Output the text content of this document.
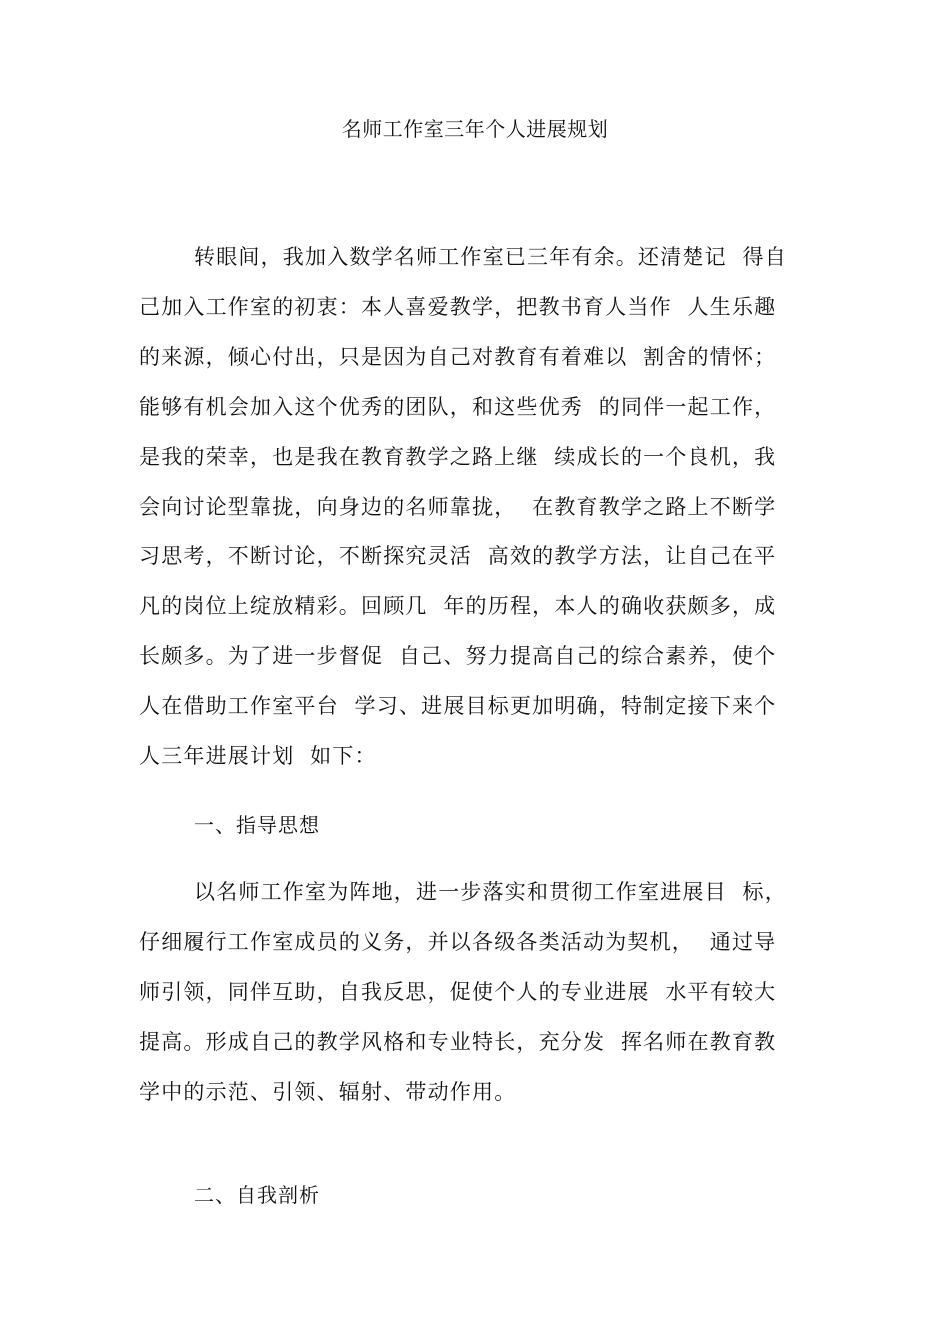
名师工作室三年个人进展规划
转眼间，我加入数学名师工作室已三年有余。还清楚记  得自
己加入工作室的初衷：本人喜爱教学，把教书育人当作  人生乐趣
的来源，倾心付出，只是因为自己对教育有着难以  割舍的情怀；
能够有机会加入这个优秀的团队，和这些优秀  的同伴一起工作，
是我的荣幸，也是我在教育教学之路上继  续成长的一个良机，我
会向讨论型靠拢，向身边的名师靠拢，  在教育教学之路上不断学
习思考，不断讨论，不断探究灵活  高效的教学方法，让自己在平
凡的岗位上绽放精彩。回顾几  年的历程，本人的确收获颇多，成
长颇多。为了进一步督促  自己、努力提高自己的综合素养，使个
人在借助工作室平台  学习、进展目标更加明确，特制定接下来个
人三年进展计划  如下：
一、指导思想
以名师工作室为阵地，进一步落实和贯彻工作室进展目  标，
仔细履行工作室成员的义务，并以各级各类活动为契机，  通过导
师引领，同伴互助，自我反思，促使个人的专业进展  水平有较大
提高。形成自己的教学风格和专业特长，充分发  挥名师在教育教
学中的示范、引领、辐射、带动作用。
二、自我剖析
